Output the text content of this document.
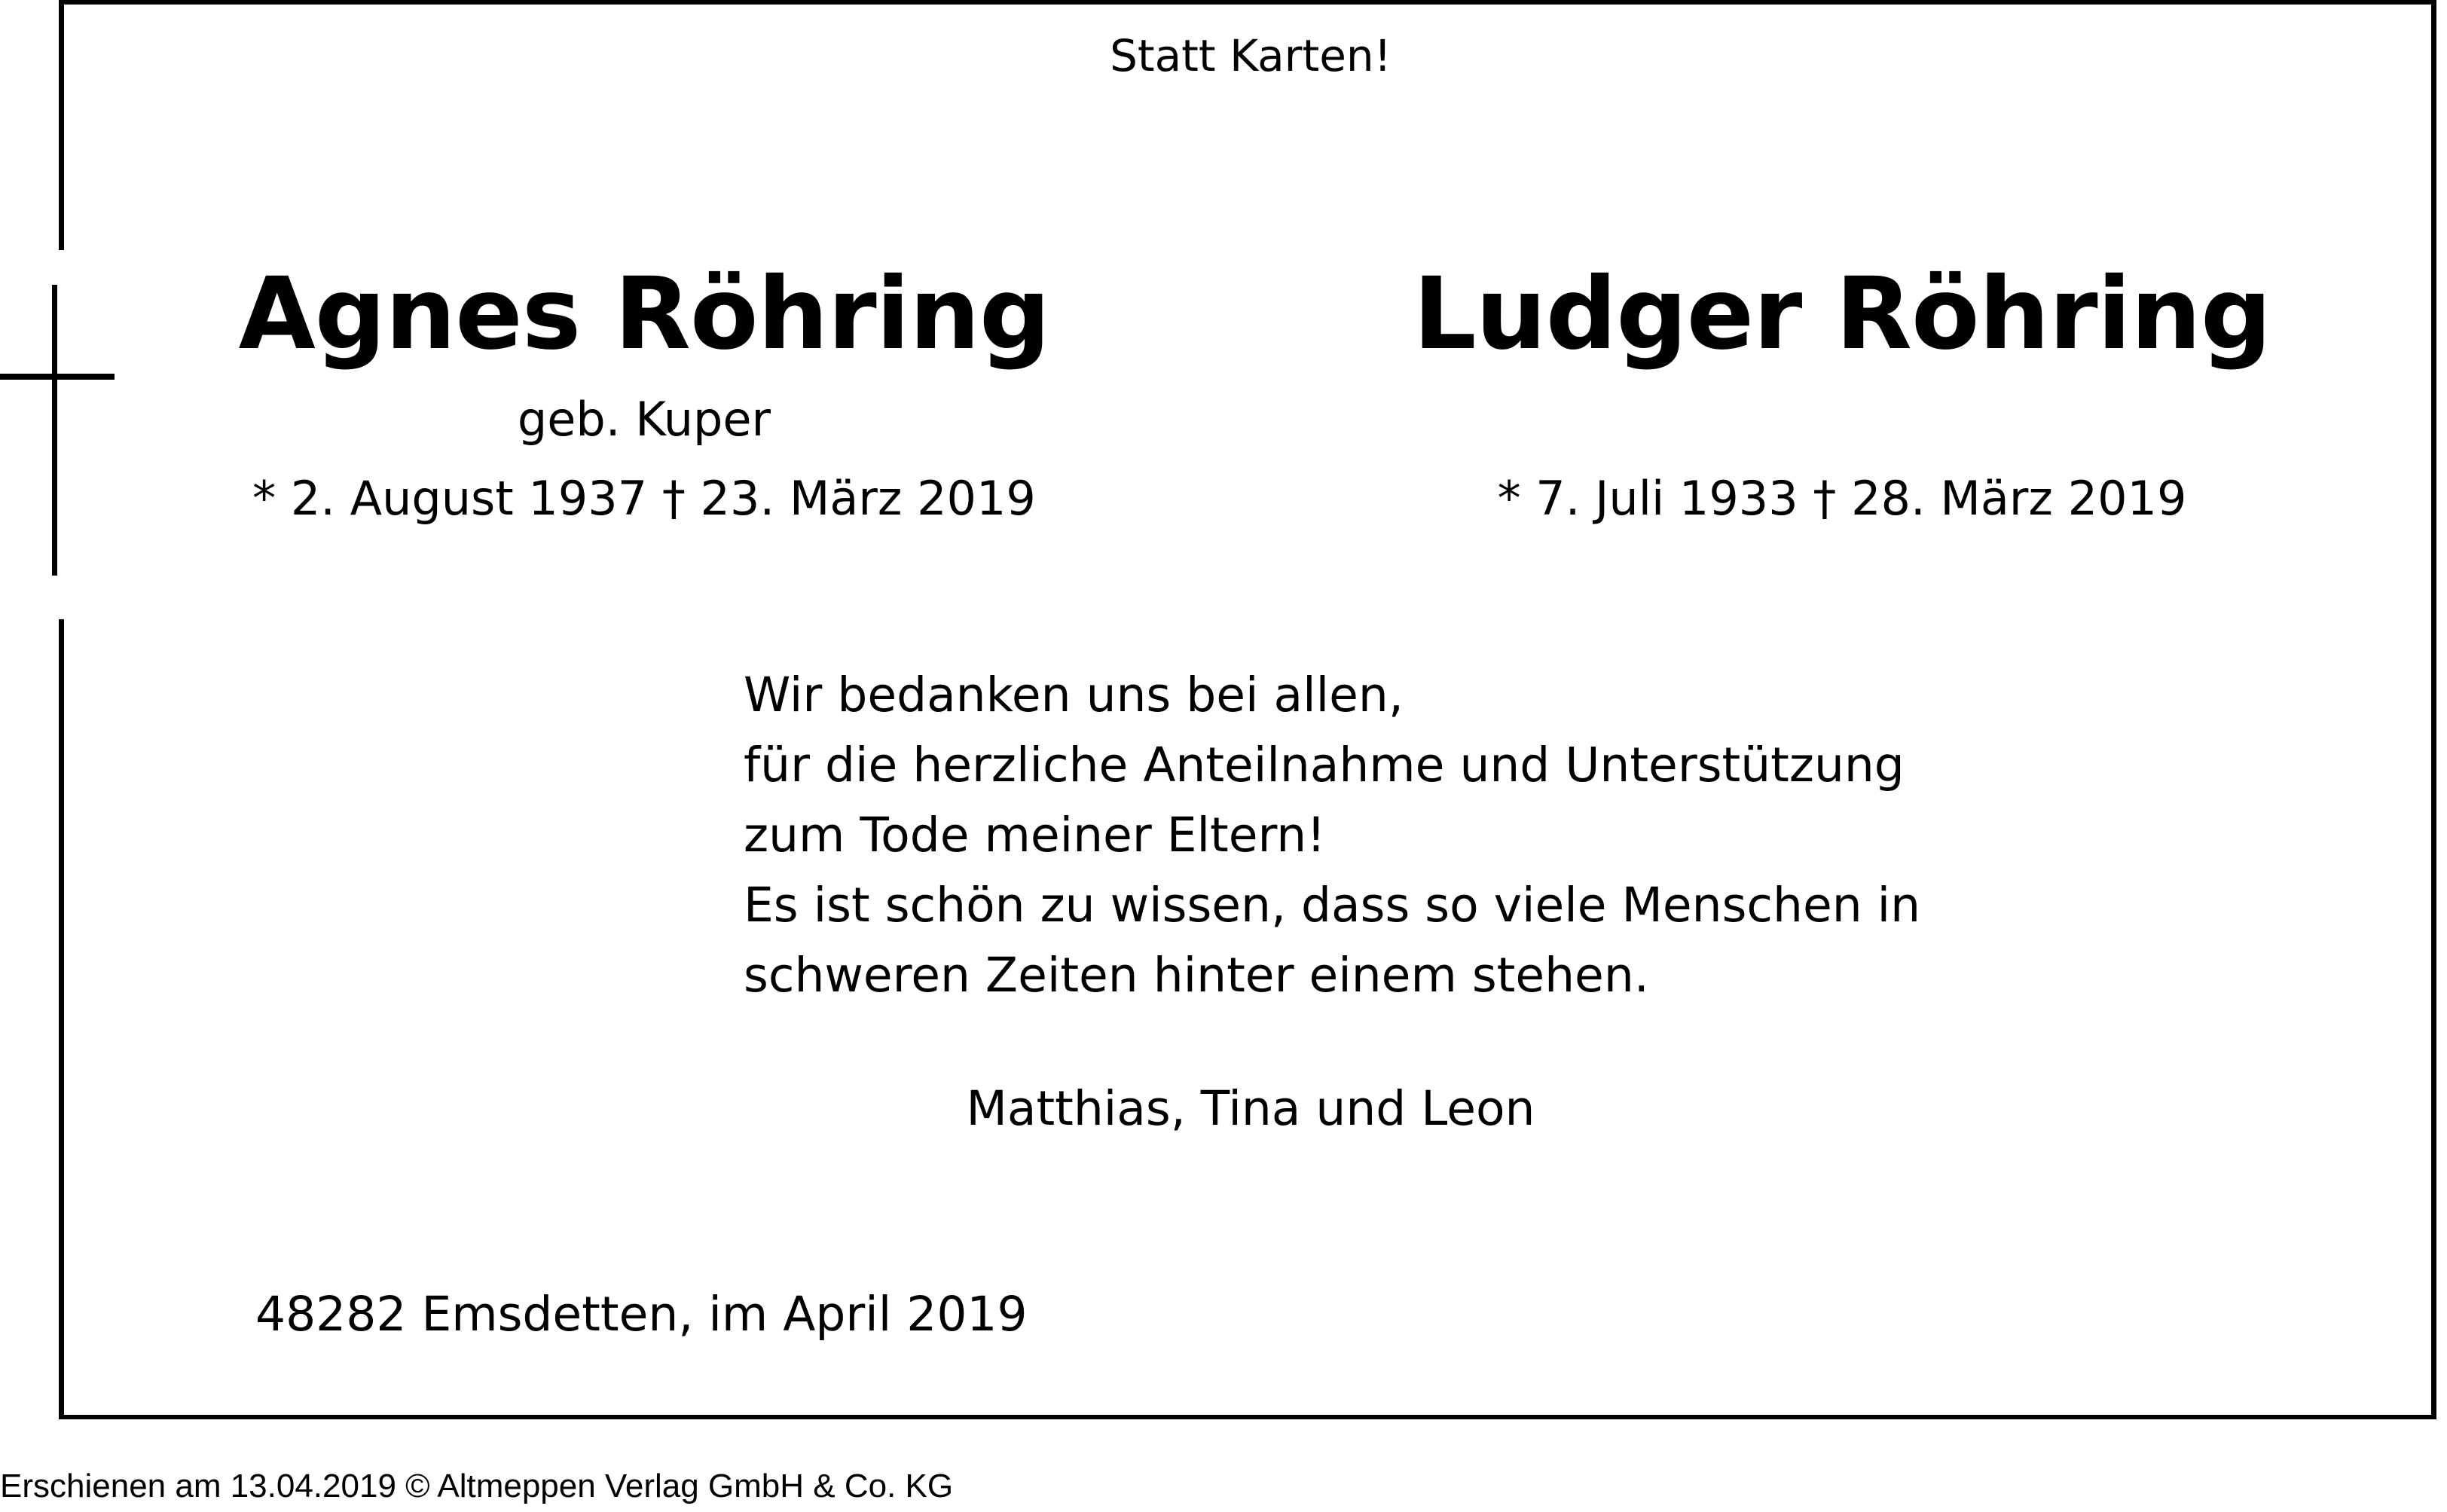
Statt Karten!
Agnes Röhring
geb. Kuper
* 2. August 1937 † 23. März 2019
Ludger Röhring
* 7. Juli 1933 † 28. März 2019
Wir bedanken uns bei allen,
für die herzliche Anteilnahme und Unterstützung
zum Tode meiner Eltern!
Es ist schön zu wissen, dass so viele Menschen in
schweren Zeiten hinter einem stehen.
Matthias, Tina und Leon
48282 Emsdetten, im April 2019
Erschienen am 13.04.2019 © Altmeppen Verlag GmbH & Co. KG
